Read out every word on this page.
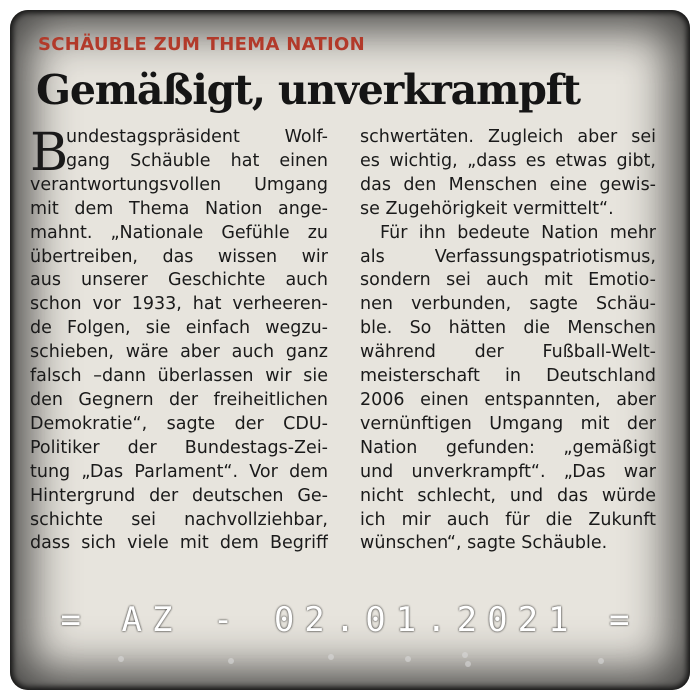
SCHÄUBLE ZUM THEMA NATION
Gemäßigt, unverkrampft
B
undestagspräsident Wolf-
gang Schäuble hat einen
verantwortungsvollen Umgang
mit dem Thema Nation ange-
mahnt. „Nationale Gefühle zu
übertreiben, das wissen wir
aus unserer Geschichte auch
schon vor 1933, hat verheeren-
de Folgen, sie einfach wegzu-
schieben, wäre aber auch ganz
falsch –dann überlassen wir sie
den Gegnern der freiheitlichen
Demokratie“, sagte der CDU-
Politiker der Bundestags-Zei-
tung „Das Parlament“. Vor dem
Hintergrund der deutschen Ge-
schichte sei nachvollziehbar,
dass sich viele mit dem Begriff
schwertäten. Zugleich aber sei
es wichtig, „dass es etwas gibt,
das den Menschen eine gewis-
se Zugehörigkeit vermittelt“.
Für ihn bedeute Nation mehr
als Verfassungspatriotismus,
sondern sei auch mit Emotio-
nen verbunden, sagte Schäu-
ble. So hätten die Menschen
während der Fußball-Welt-
meisterschaft in Deutschland
2006 einen entspannten, aber
vernünftigen Umgang mit der
Nation gefunden: „gemäßigt
und unverkrampft“. „Das war
nicht schlecht, und das würde
ich mir auch für die Zukunft
wünschen“, sagte Schäuble.
= AZ - 02.01.2021 =
